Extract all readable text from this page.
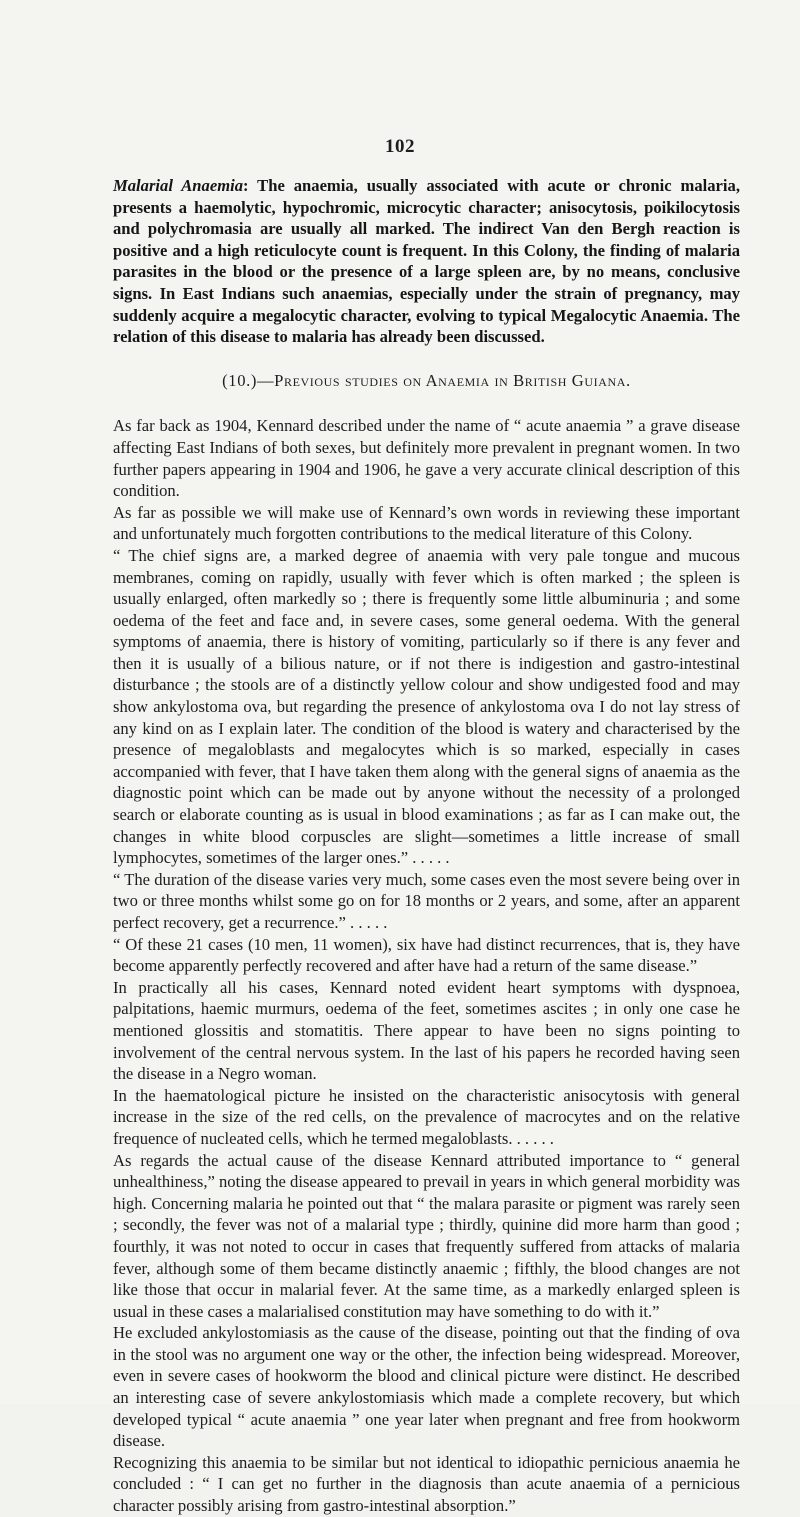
102

Malarial Anaemia: The anaemia, usually associated with acute or chronic malaria, presents a haemolytic, hypochromic, microcytic character; anisocytosis, poikilocytosis and polychromasia are usually all marked. The indirect Van den Bergh reaction is positive and a high reticulocyte count is frequent. In this Colony, the finding of malaria parasites in the blood or the presence of a large spleen are, by no means, conclusive signs. In East Indians such anaemias, especially under the strain of pregnancy, may suddenly acquire a megalocytic character, evolving to typical Megalocytic Anaemia. The relation of this disease to malaria has already been discussed.

(10.)—Previous studies on Anaemia in British Guiana.

As far back as 1904, Kennard described under the name of “ acute anaemia ” a grave disease affecting East Indians of both sexes, but definitely more prevalent in pregnant women. In two further papers appearing in 1904 and 1906, he gave a very accurate clinical description of this condition.

As far as possible we will make use of Kennard’s own words in reviewing these important and unfortunately much forgotten contributions to the medical literature of this Colony.

“ The chief signs are, a marked degree of anaemia with very pale tongue and mucous membranes, coming on rapidly, usually with fever which is often marked ; the spleen is usually enlarged, often markedly so ; there is frequently some little albuminuria ; and some oedema of the feet and face and, in severe cases, some general oedema. With the general symptoms of anaemia, there is history of vomiting, particularly so if there is any fever and then it is usually of a bilious nature, or if not there is indigestion and gastro-intestinal disturbance ; the stools are of a distinctly yellow colour and show undigested food and may show ankylostoma ova, but regarding the presence of ankylostoma ova I do not lay stress of any kind on as I explain later. The condition of the blood is watery and characterised by the presence of megaloblasts and megalocytes which is so marked, especially in cases accompanied with fever, that I have taken them along with the general signs of anaemia as the diagnostic point which can be made out by anyone without the necessity of a prolonged search or elaborate counting as is usual in blood examinations ; as far as I can make out, the changes in white blood corpuscles are slight—sometimes a little increase of small lymphocytes, sometimes of the larger ones.” . . . . .

“ The duration of the disease varies very much, some cases even the most severe being over in two or three months whilst some go on for 18 months or 2 years, and some, after an apparent perfect recovery, get a recurrence.” . . . . .

“ Of these 21 cases (10 men, 11 women), six have had distinct recurrences, that is, they have become apparently perfectly recovered and after have had a return of the same disease.”

In practically all his cases, Kennard noted evident heart symptoms with dyspnoea, palpitations, haemic murmurs, oedema of the feet, sometimes ascites ; in only one case he mentioned glossitis and stomatitis. There appear to have been no signs pointing to involvement of the central nervous system. In the last of his papers he recorded having seen the disease in a Negro woman.

In the haematological picture he insisted on the characteristic anisocytosis with general increase in the size of the red cells, on the prevalence of macrocytes and on the relative frequence of nucleated cells, which he termed megaloblasts. . . . . .

As regards the actual cause of the disease Kennard attributed importance to “ general unhealthiness,” noting the disease appeared to prevail in years in which general morbidity was high. Concerning malaria he pointed out that “ the malara parasite or pigment was rarely seen ; secondly, the fever was not of a malarial type ; thirdly, quinine did more harm than good ; fourthly, it was not noted to occur in cases that frequently suffered from attacks of malaria fever, although some of them became distinctly anaemic ; fifthly, the blood changes are not like those that occur in malarial fever. At the same time, as a markedly enlarged spleen is usual in these cases a malarialised constitution may have something to do with it.”

He excluded ankylostomiasis as the cause of the disease, pointing out that the finding of ova in the stool was no argument one way or the other, the infection being widespread. Moreover, even in severe cases of hookworm the blood and clinical picture were distinct. He described an interesting case of severe ankylostomiasis which made a complete recovery, but which developed typical “ acute anaemia ” one year later when pregnant and free from hookworm disease.

Recognizing this anaemia to be similar but not identical to idiopathic pernicious anaemia he concluded : “ I can get no further in the diagnosis than acute anaemia of a pernicious character possibly arising from gastro-intestinal absorption.”
